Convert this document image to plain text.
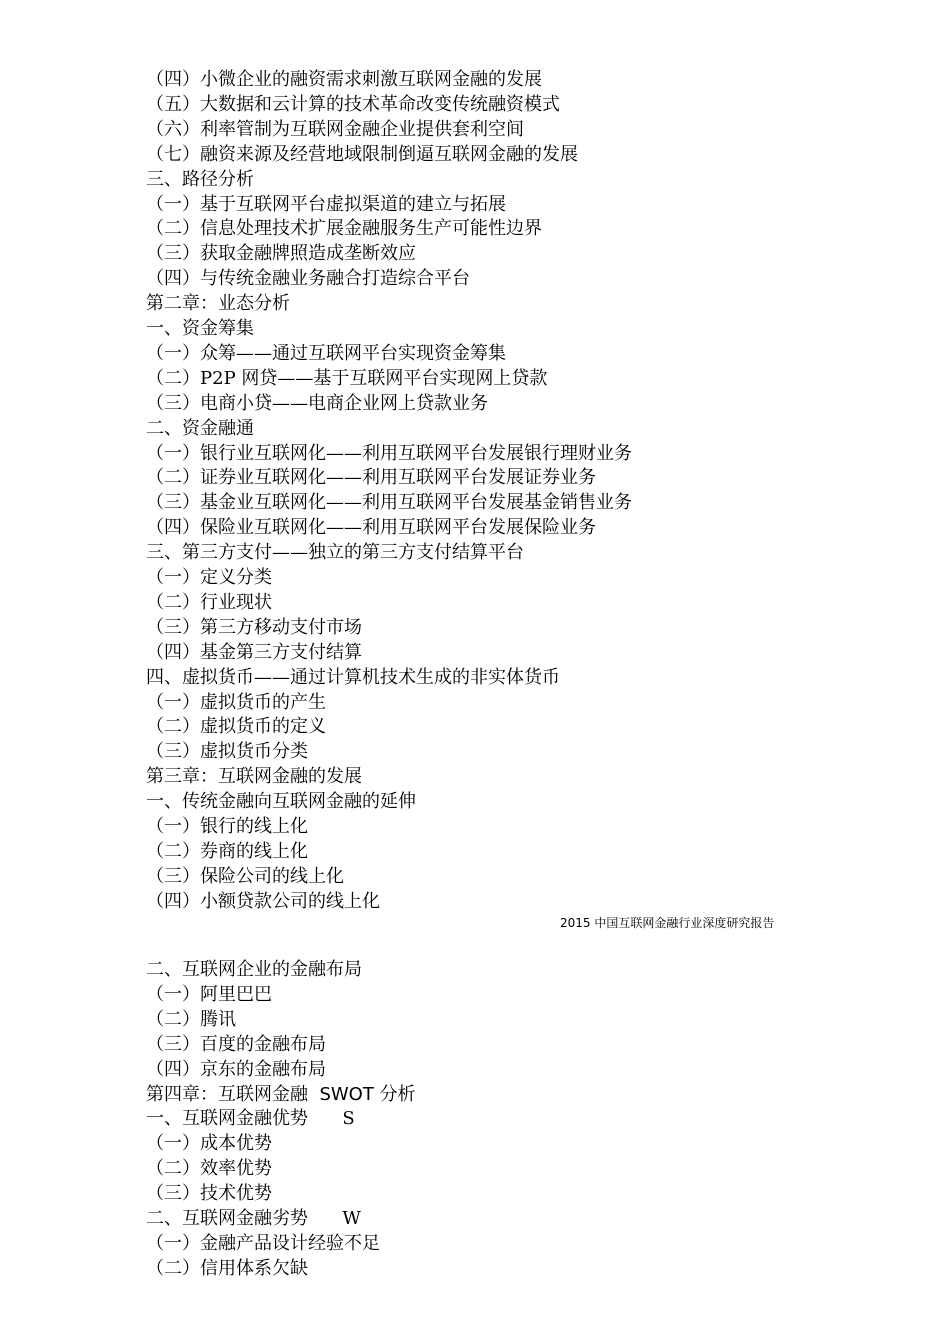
（四）小微企业的融资需求刺激互联网金融的发展
（五）大数据和云计算的技术革命改变传统融资模式
（六）利率管制为互联网金融企业提供套利空间
（七）融资来源及经营地域限制倒逼互联网金融的发展
三、路径分析
（一）基于互联网平台虚拟渠道的建立与拓展
（二）信息处理技术扩展金融服务生产可能性边界
（三）获取金融牌照造成垄断效应
（四）与传统金融业务融合打造综合平台
第二章：业态分析
一、资金筹集
（一）众筹——通过互联网平台实现资金筹集
（二）P2P 网贷——基于互联网平台实现网上贷款
（三）电商小贷——电商企业网上贷款业务
二、资金融通
（一）银行业互联网化——利用互联网平台发展银行理财业务
（二）证券业互联网化——利用互联网平台发展证券业务
（三）基金业互联网化——利用互联网平台发展基金销售业务
（四）保险业互联网化——利用互联网平台发展保险业务
三、第三方支付——独立的第三方支付结算平台
（一）定义分类
（二）行业现状
（三）第三方移动支付市场
（四）基金第三方支付结算
四、虚拟货币——通过计算机技术生成的非实体货币
（一）虚拟货币的产生
（二）虚拟货币的定义
（三）虚拟货币分类
第三章：互联网金融的发展
一、传统金融向互联网金融的延伸
（一）银行的线上化
（二）券商的线上化
（三）保险公司的线上化
（四）小额贷款公司的线上化
2015 中国互联网金融行业深度研究报告
二、互联网企业的金融布局
（一）阿里巴巴
（二）腾讯
（三）百度的金融布局
（四）京东的金融布局
第四章：互联网金融  SWOT 分析
一、互联网金融优势      S
（一）成本优势
（二）效率优势
（三）技术优势
二、互联网金融劣势      W
（一）金融产品设计经验不足
（二）信用体系欠缺
